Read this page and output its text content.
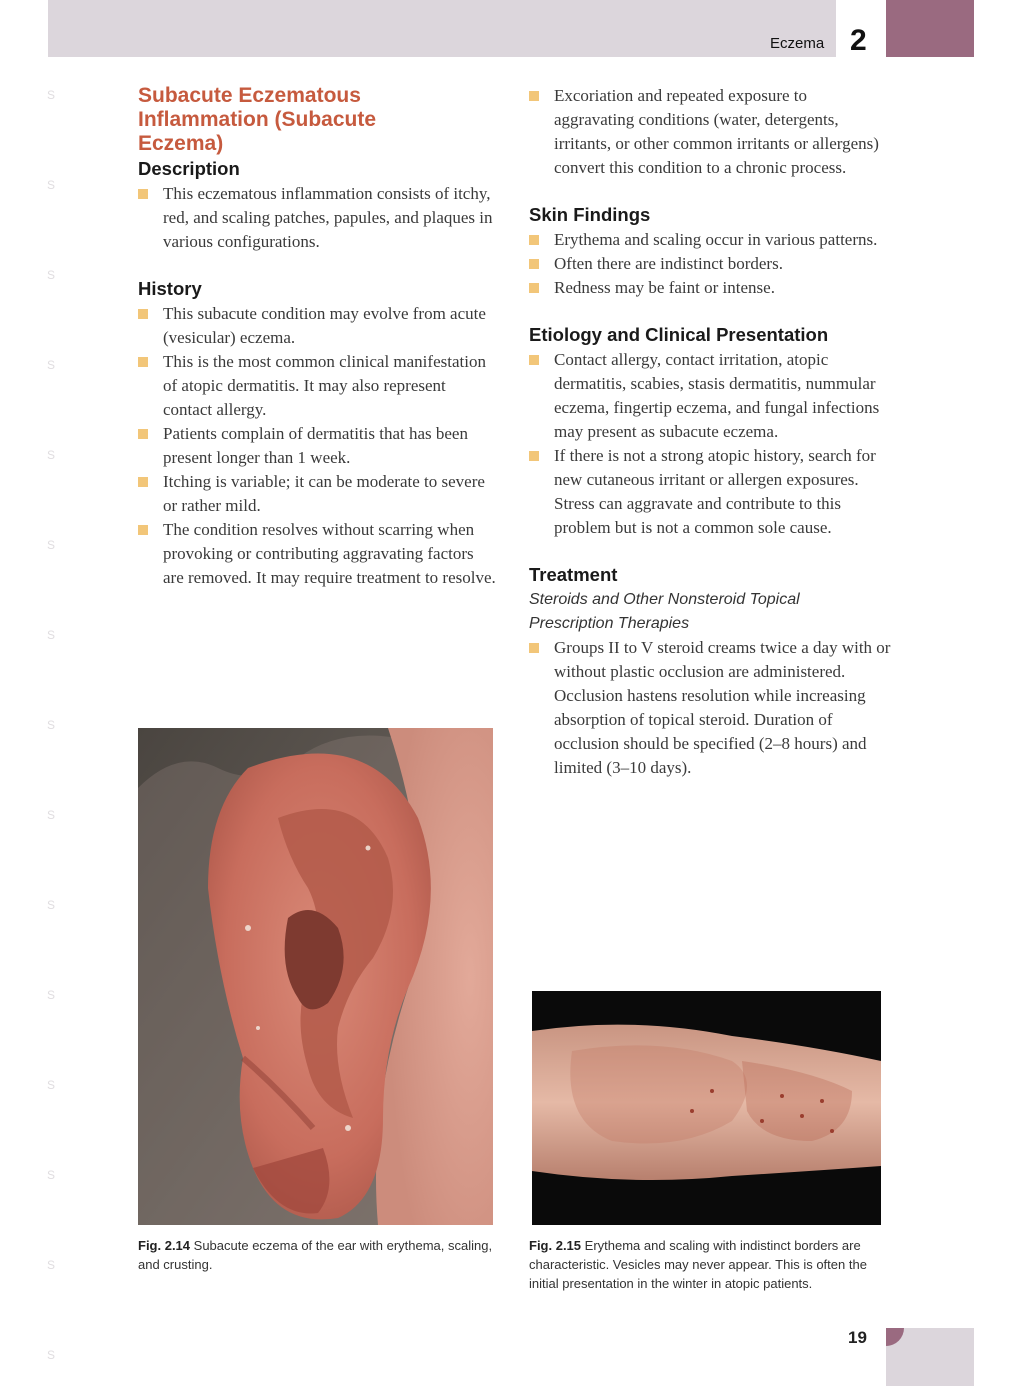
Eczema 2
S
S
S
S
S
S
S
S
S
S
S
S
S
S
S
Subacute Eczematous
Inflammation (Subacute
Eczema)
Description
This eczematous inflammation consists of itchy, red, and scaling patches, papules, and plaques in various configurations.
History
This subacute condition may evolve from acute (vesicular) eczema.
This is the most common clinical manifestation of atopic dermatitis. It may also represent contact allergy.
Patients complain of dermatitis that has been present longer than 1 week.
Itching is variable; it can be moderate to severe or rather mild.
The condition resolves without scarring when provoking or contributing aggravating factors are removed. It may require treatment to resolve.
Excoriation and repeated exposure to aggravating conditions (water, detergents, irritants, or other common irritants or allergens) convert this condition to a chronic process.
Skin Findings
Erythema and scaling occur in various patterns.
Often there are indistinct borders.
Redness may be faint or intense.
Etiology and Clinical Presentation
Contact allergy, contact irritation, atopic dermatitis, scabies, stasis dermatitis, nummular eczema, fingertip eczema, and fungal infections may present as subacute eczema.
If there is not a strong atopic history, search for new cutaneous irritant or allergen exposures. Stress can aggravate and contribute to this problem but is not a common sole cause.
Treatment
Steroids and Other Nonsteroid Topical
Prescription Therapies
Groups II to V steroid creams twice a day with or without plastic occlusion are administered. Occlusion hastens resolution while increasing absorption of topical steroid. Duration of occlusion should be specified (2–8 hours) and limited (3–10 days).
Fig. 2.14 Subacute eczema of the ear with erythema, scaling, and crusting.
Fig. 2.15 Erythema and scaling with indistinct borders are characteristic. Vesicles may never appear. This is often the initial presentation in the winter in atopic patients.
19
